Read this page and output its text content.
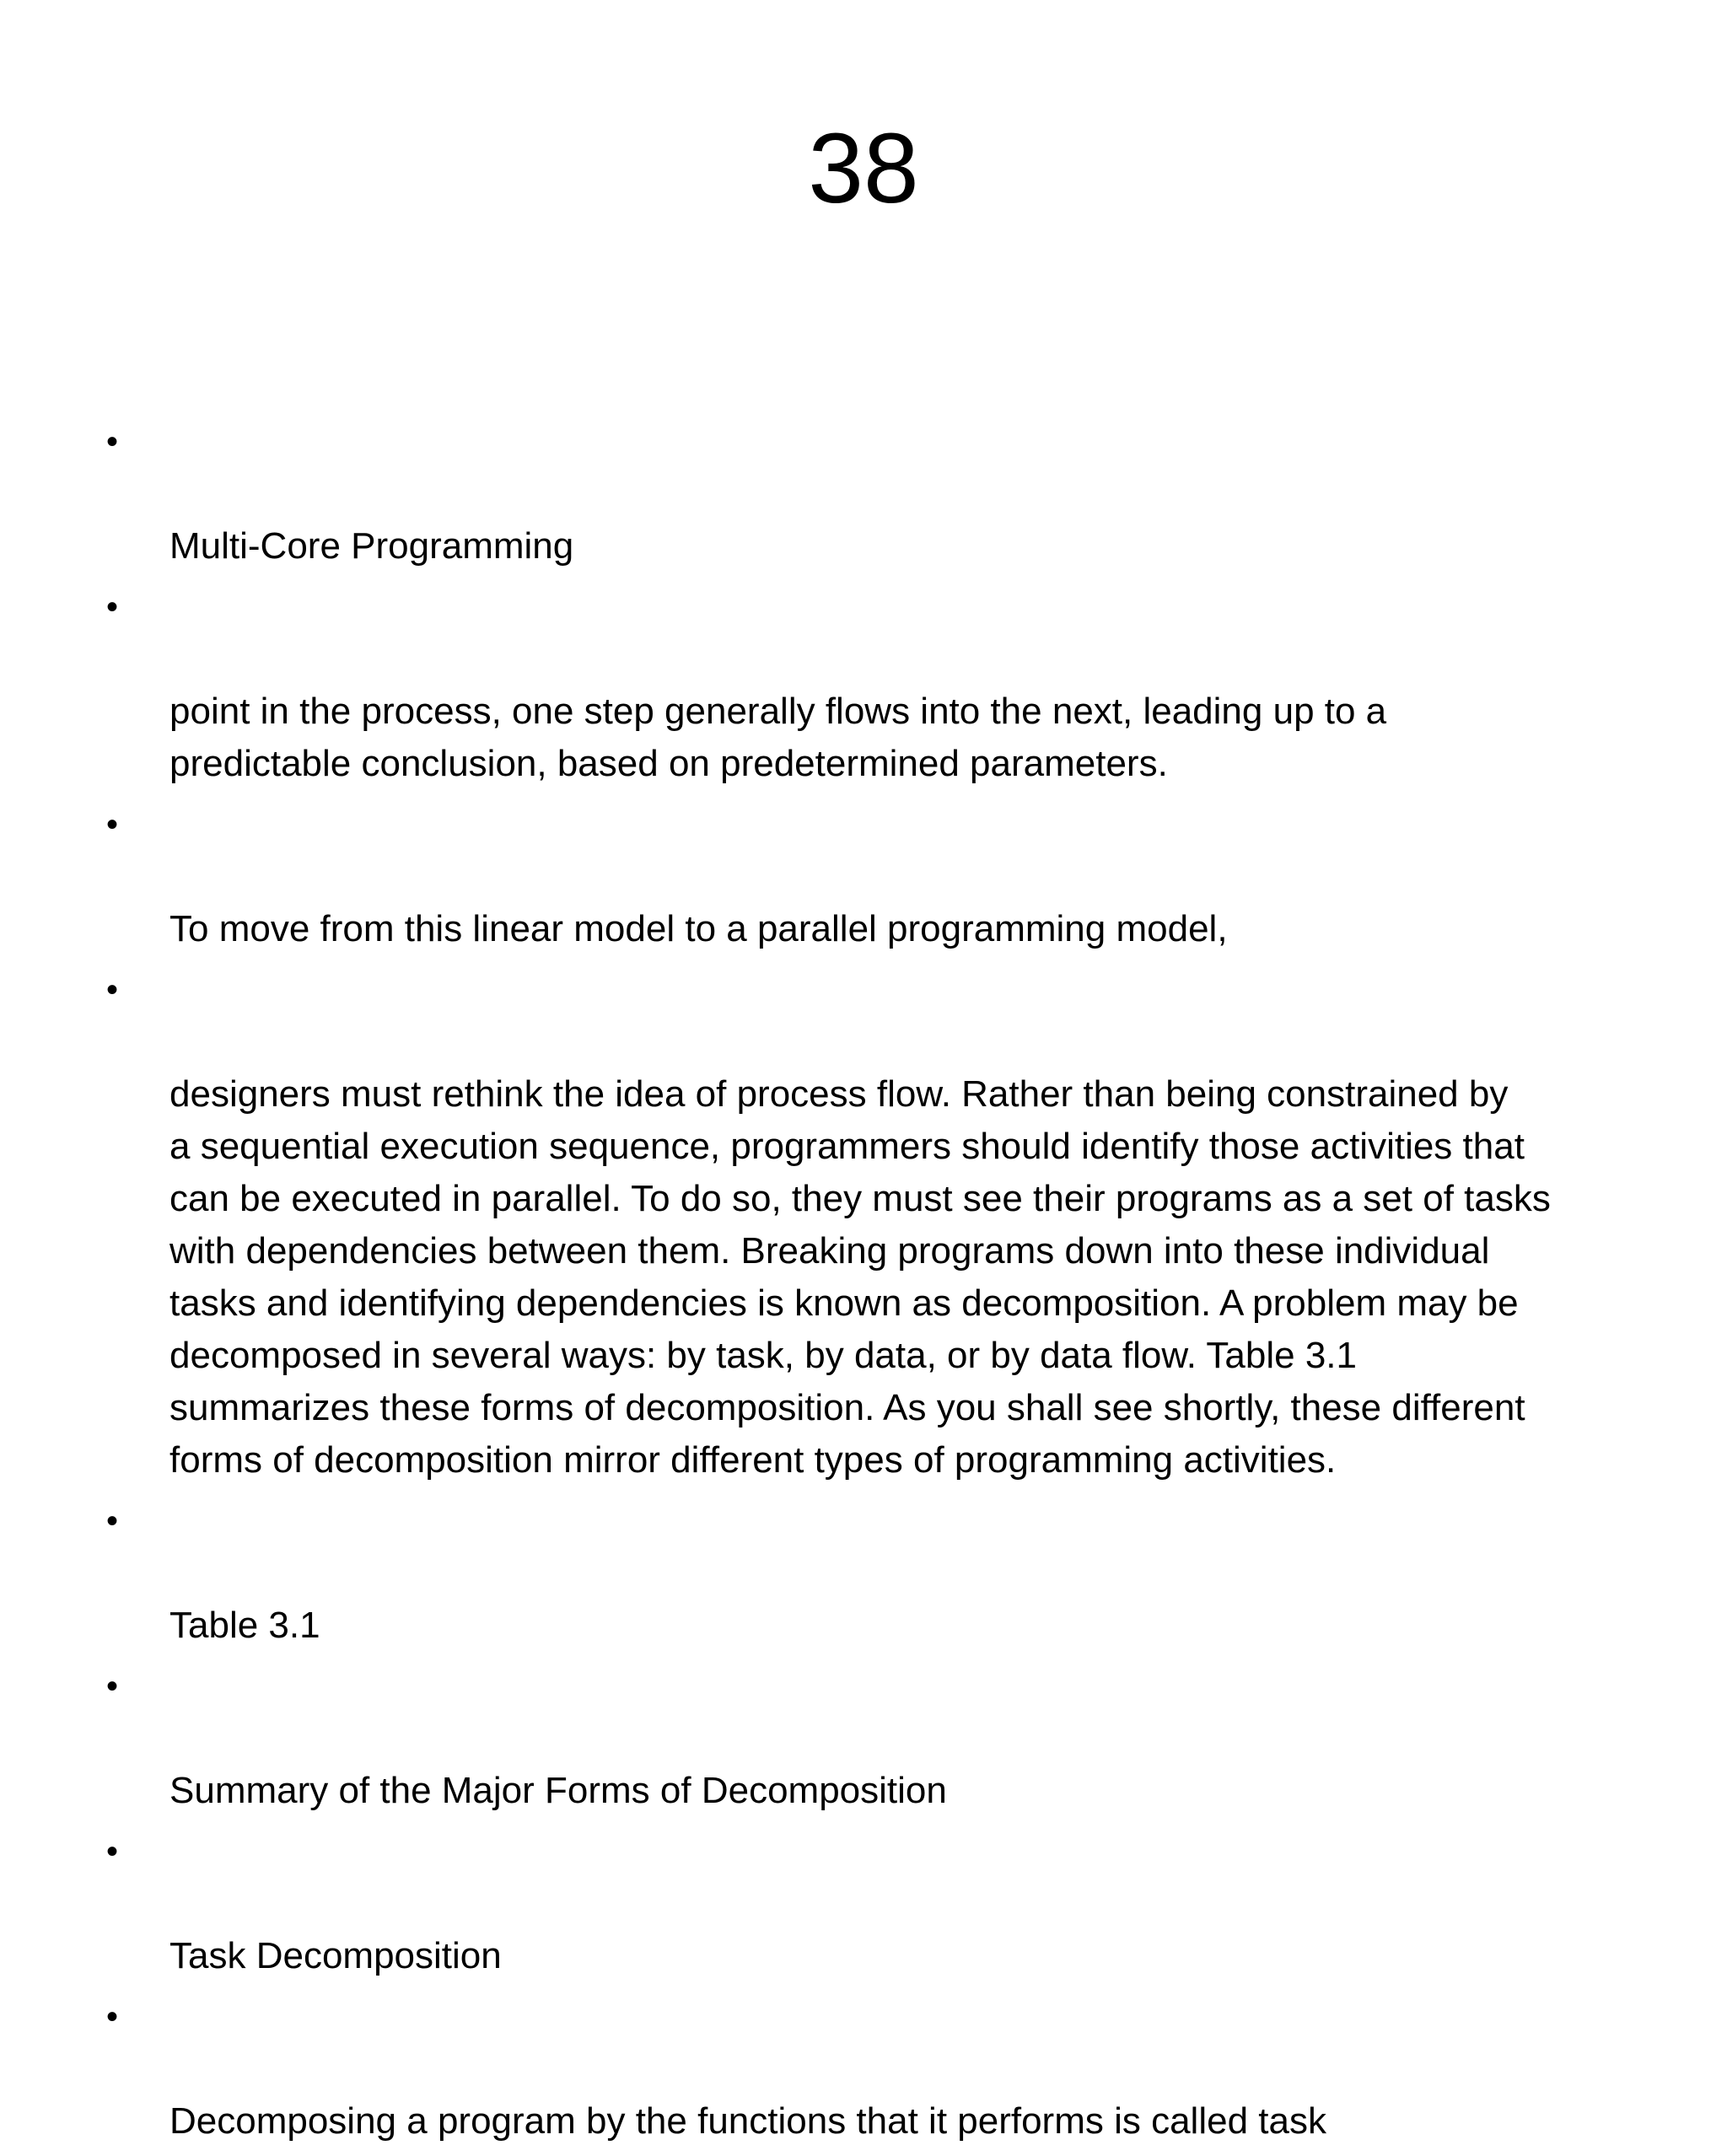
38

•

Multi-Core Programming

•

point in the process, one step generally flows into the next, leading up to a
predictable conclusion, based on predetermined parameters.

•

To move from this linear model to a parallel programming model,

•

designers must rethink the idea of process flow. Rather than being constrained by
a sequential execution sequence, programmers should identify those activities that
can be executed in parallel. To do so, they must see their programs as a set of tasks
with dependencies between them. Breaking programs down into these individual
tasks and identifying dependencies is known as decomposition. A problem may be
decomposed in several ways: by task, by data, or by data flow. Table 3.1
summarizes these forms of decomposition. As you shall see shortly, these different
forms of decomposition mirror different types of programming activities.

•

Table 3.1

•

Summary of the Major Forms of Decomposition

•

Task Decomposition

•

Decomposing a program by the functions that it performs is called task
